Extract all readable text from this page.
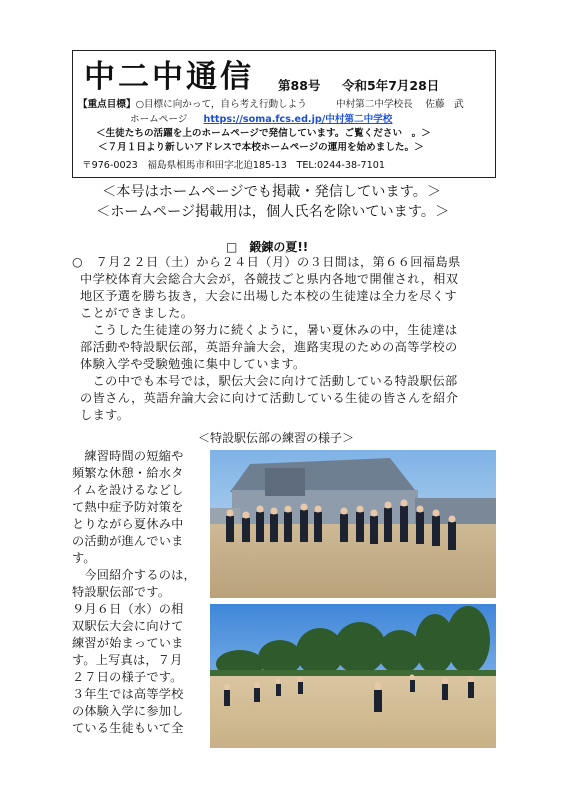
中二中通信 第88号 令和5年7月28日
【重点目標】○目標に向かって，自ら考え行動しよう	中村第二中学校長　 佐藤　武
ホームページ https://soma.fcs.ed.jp/中村第二中学校
＜生徒たちの活躍を上のホームページで発信しています。ご覧ください　。＞
＜７月１日より新しいアドレスで本校ホームページの運用を始めました。＞
〒976-0023　福島県相馬市和田字北迫185-13　TEL:0244-38-7101
＜本号はホームページでも掲載・発信しています。＞
＜ホームページ掲載用は，個人氏名を除いています。＞
□　鍛錬の夏!!
○　７月２２日（土）から２４日（月）の３日間は，第６６回福島県
中学校体育大会総合大会が，各競技ごと県内各地で開催され，相双
地区予選を勝ち抜き，大会に出場した本校の生徒達は全力を尽くす
ことができました。
　こうした生徒達の努力に続くように，暑い夏休みの中，生徒達は
部活動や特設駅伝部，英語弁論大会，進路実現のための高等学校の
体験入学や受験勉強に集中しています。
　この中でも本号では，駅伝大会に向けて活動している特設駅伝部
の皆さん，英語弁論大会に向けて活動している生徒の皆さんを紹介
します。
＜特設駅伝部の練習の様子＞
　練習時間の短縮や
頻繁な休憩・給水タ
イムを設けるなどし
て熱中症予防対策を
とりながら夏休み中
の活動が進んでいま
す。
　今回紹介するのは，
特設駅伝部です。
９月６日（水）の相
双駅伝大会に向けて
練習が始まっていま
す。上写真は，７月
２７日の様子です。
３年生では高等学校
の体験入学に参加し
ている生徒もいて全
